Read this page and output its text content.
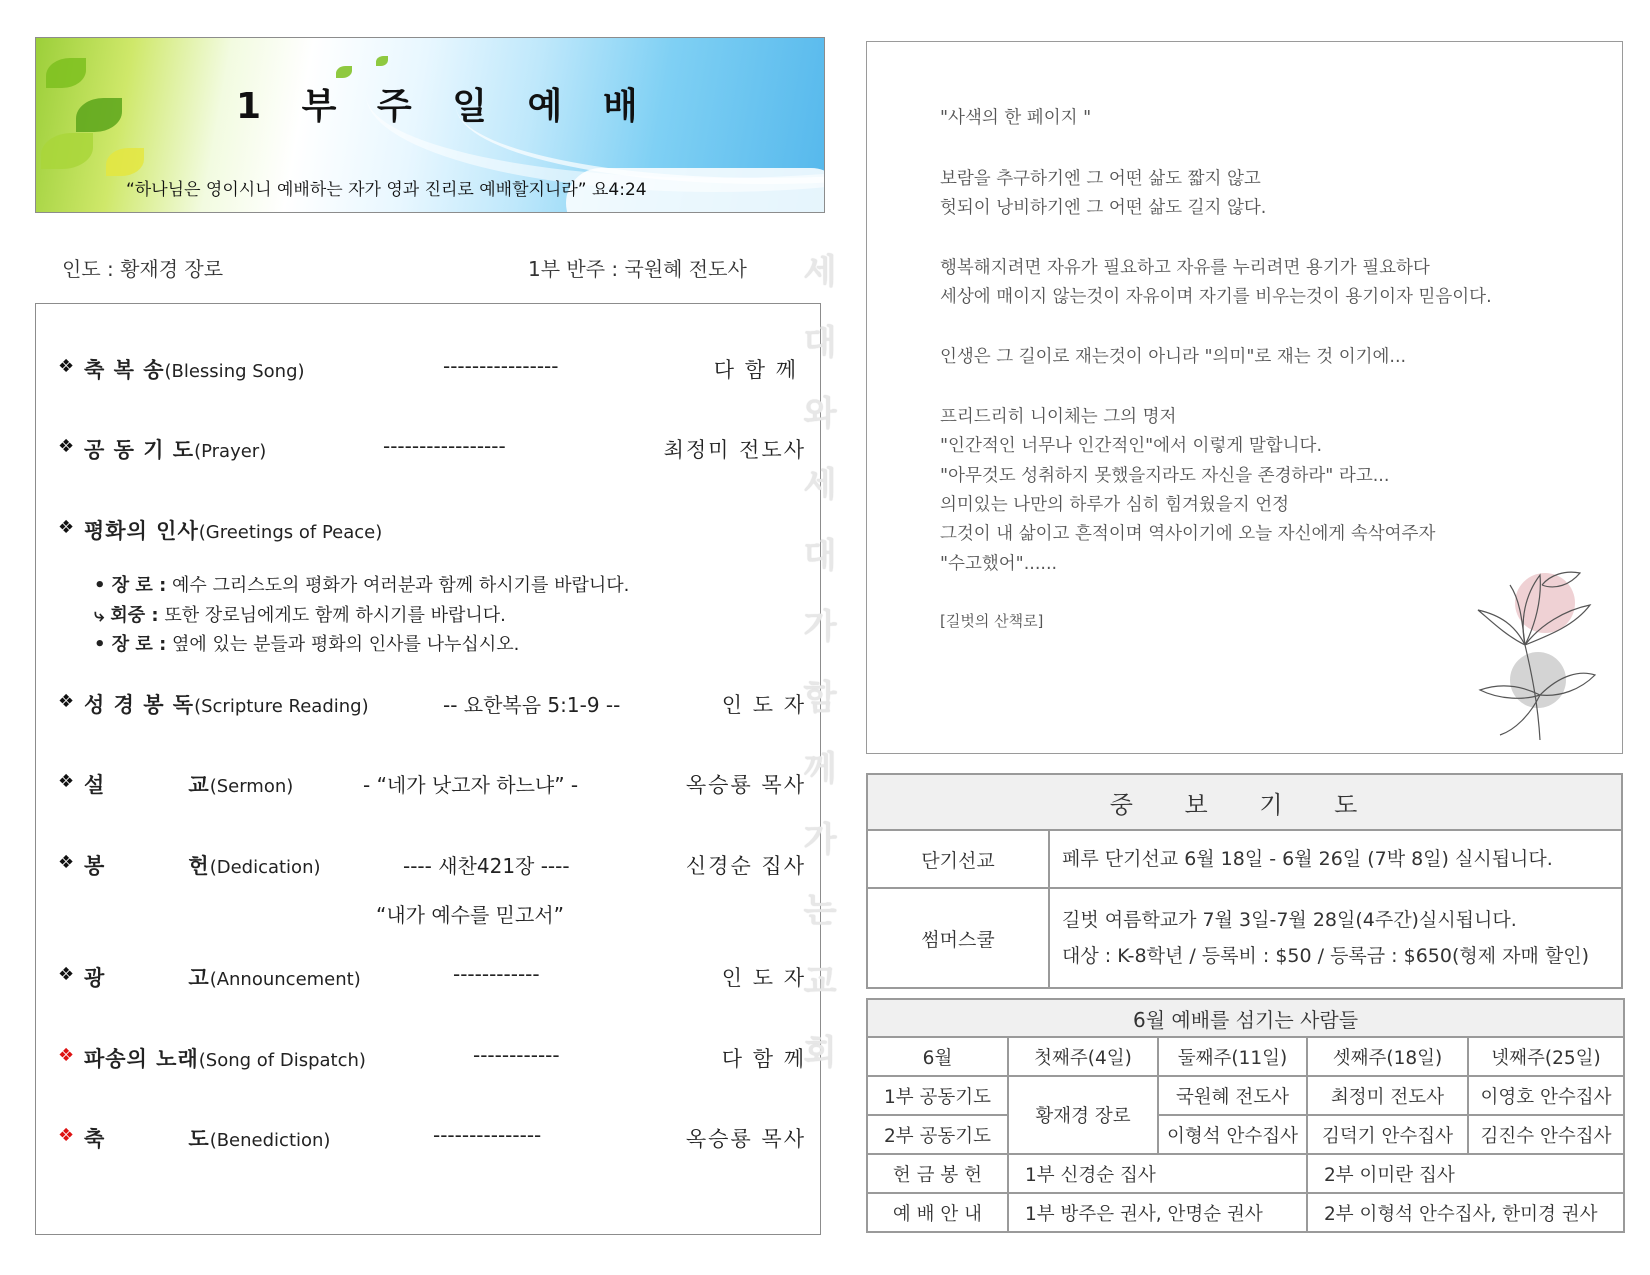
1 부 주 일 예 배
“하나님은 영이시니 예배하는 자가 영과 진리로 예배할지니라” 요4:24
인도 : 황재경 장로	1부 반주 : 국원혜 전도사
❖ 축 복 송(Blessing Song)	----------------	다 함 께
❖ 공 동 기 도(Prayer)	-----------------	최정미 전도사
❖ 평화의 인사(Greetings of Peace)
• 장 로 : 예수 그리스도의 평화가 여러분과 함께 하시기를 바랍니다.
⤷ 회중 : 또한 장로님에게도 함께 하시기를 바랍니다.
• 장 로 : 옆에 있는 분들과 평화의 인사를 나누십시오.
❖ 성 경 봉 독(Scripture Reading)	-- 요한복음 5:1-9 --	인 도 자
❖ 설          교(Sermon)	- “네가 낫고자 하느냐” -	옥승룡 목사
❖ 봉          헌(Dedication)	---- 새찬421장 ----	신경순 집사
“내가 예수를 믿고서”
❖ 광          고(Announcement)	------------	인 도 자
❖ 파송의 노래(Song of Dispatch)	------------	다 함 께
❖ 축          도(Benediction)	---------------	옥승룡 목사
세
대
와
세
대
가
함
께
가
는
교
회
"사색의 한 페이지 "
보람을 추구하기엔 그 어떤 삶도 짧지 않고
헛되이 낭비하기엔 그 어떤 삶도 길지 않다.
행복해지려면 자유가 필요하고 자유를 누리려면 용기가 필요하다
세상에 매이지 않는것이 자유이며 자기를 비우는것이 용기이자 믿음이다.
인생은 그 길이로 재는것이 아니라 "의미"로 재는 것 이기에...
프리드리히 니이체는 그의 명저
"인간적인 너무나 인간적인"에서 이렇게 말합니다.
"아무것도 성취하지 못했을지라도 자신을 존경하라" 라고...
의미있는 나만의 하루가 심히 힘겨웠을지 언정
그것이 내 삶이고 흔적이며 역사이기에 오늘 자신에게 속삭여주자
"수고했어"......
[길벗의 산책로]
중 보 기 도	
단기선교	페루 단기선교 6월 18일 - 6월 26일 (7박 8일) 실시됩니다.
썸머스쿨	길벗 여름학교가 7월 3일-7월 28일(4주간)실시됩니다.
대상 : K-8학년 / 등록비 : $50 / 등록금 : $650(형제 자매 할인)
6월 예배를 섬기는 사람들				
6월	첫째주(4일)	둘째주(11일)	셋째주(18일)	넷째주(25일)
1부 공동기도	황재경 장로	국원혜 전도사	최정미 전도사	이영호 안수집사
2부 공동기도		이형석 안수집사	김덕기 안수집사	김진수 안수집사
헌 금 봉 헌	1부 신경순 집사		2부 이미란 집사	
예 배 안 내	1부 방주은 권사, 안명순 권사		2부 이형석 안수집사, 한미경 권사	
